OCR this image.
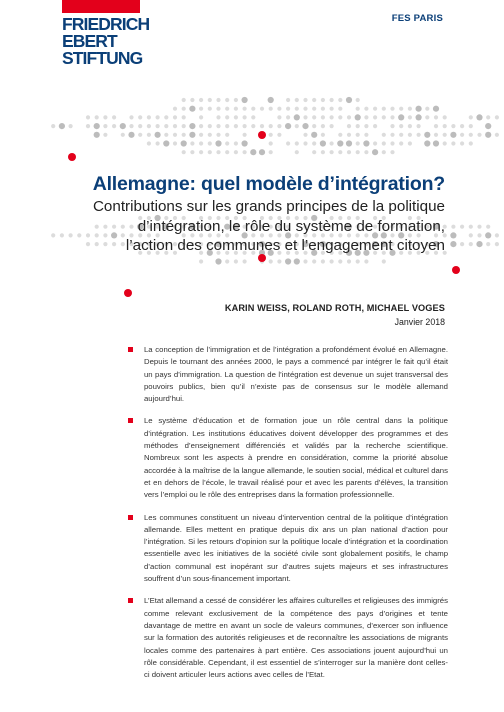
FRIEDRICH
EBERT
STIFTUNG
FES PARIS
Allemagne: quel modèle d’intégration?
Contributions sur les grands principes de la politique
d’intégration, le rôle du système de formation,
l’action des communes et l’engagement citoyen
KARIN WEISS, ROLAND ROTH, MICHAEL VOGES
Janvier 2018
La conception de l’immigration et de l’intégration a profondément évolué en Allemagne. Depuis le tournant des années 2000, le pays a commencé par intégrer le fait qu’il était un pays d’immigration. La question de l’intégration est devenue un sujet transversal des pouvoirs publics, bien qu’il n’existe pas de consensus sur le modèle allemand aujourd’hui.
Le système d’éducation et de formation joue un rôle central dans la politique d’intégration. Les institutions éducatives doivent développer des programmes et des méthodes d’enseignement différenciés et validés par la recherche scientifique. Nombreux sont les aspects à prendre en considération, comme la priorité absolue accordée à la maîtrise de la langue allemande, le soutien social, médical et culturel dans et en dehors de l’école, le travail réalisé pour et avec les parents d’élèves, la transition vers l’emploi ou le rôle des entreprises dans la formation professionnelle.
Les communes constituent un niveau d’intervention central de la politique d’intégration allemande. Elles mettent en pratique depuis dix ans un plan national d’action pour l’intégration. Si les retours d’opinion sur la politique locale d’intégration et la coordination essentielle avec les initiatives de la société civile sont globalement positifs, le champ d’action communal est inopérant sur d’autres sujets majeurs et ses infrastructures souffrent d’un sous-financement important.
L’Etat allemand a cessé de considérer les affaires culturelles et religieuses des immigrés comme relevant exclusivement de la compétence des pays d’origines et tente davantage de mettre en avant un socle de valeurs communes, d’exercer son influence sur la formation des autorités religieuses et de reconnaître les associations de migrants locales comme des partenaires à part entière. Ces associations jouent aujourd’hui un rôle considérable. Cependant, il est essentiel de s’interroger sur la manière dont celles-ci doivent articuler leurs actions avec celles de l’Etat.
